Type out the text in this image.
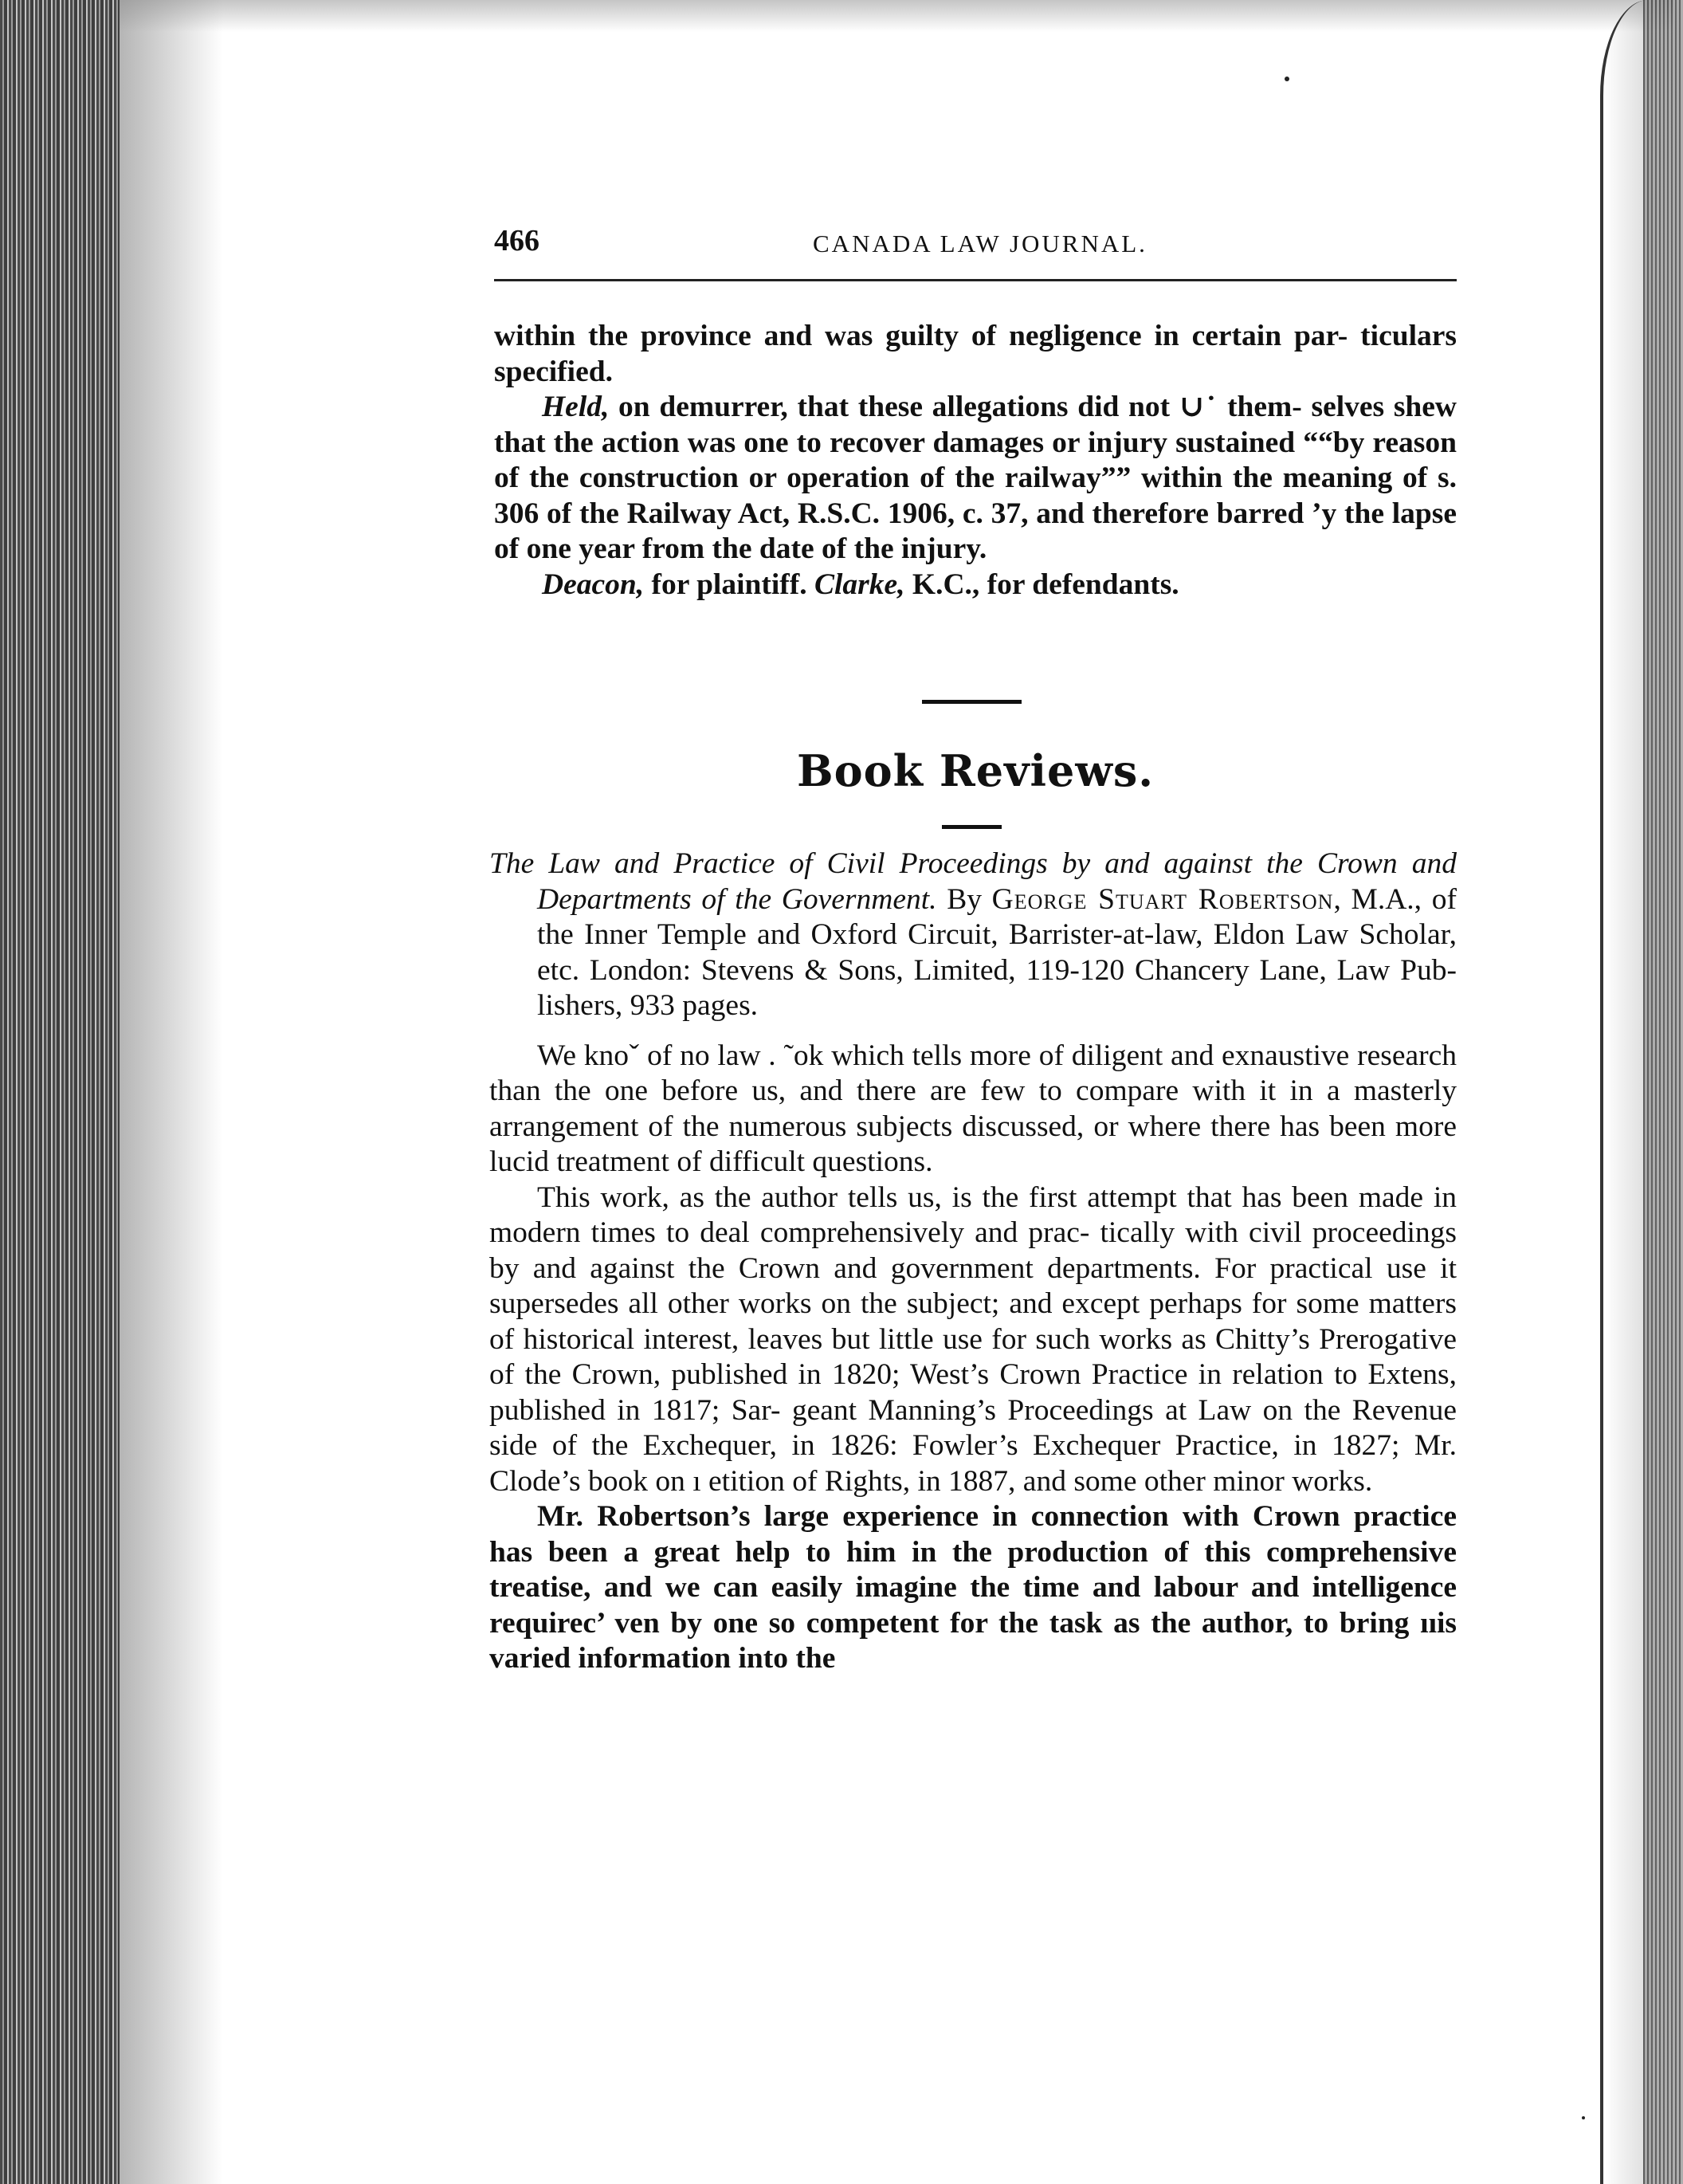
466	CANADA LAW JOURNAL.

within the province and was guilty of negligence in certain par- ticulars specified.

Held, on demurrer, that these allegations did not ∪˙ them- selves shew that the action was one to recover damages or injury sustained ““by reason of the construction or operation of the railway”” within the meaning of s. 306 of the Railway Act, R.S.C. 1906, c. 37, and therefore barred ’y the lapse of one year from the date of the injury.

Deacon, for plaintiff. Clarke, K.C., for defendants.

Book Reviews.

The Law and Practice of Civil Proceedings by and against the Crown and Departments of the Government. By George Stuart Robertson, M.A., of the Inner Temple and Oxford Circuit, Barrister-at-law, Eldon Law Scholar, etc. London: Stevens & Sons, Limited, 119-120 Chancery Lane, Law Pub- lishers, 933 pages.

We knoˇ of no law . ˜ok which tells more of diligent and exnaustive research than the one before us, and there are few to compare with it in a masterly arrangement of the numerous subjects discussed, or where there has been more lucid treatment of difficult questions.

This work, as the author tells us, is the first attempt that has been made in modern times to deal comprehensively and prac- tically with civil proceedings by and against the Crown and government departments. For practical use it supersedes all other works on the subject; and except perhaps for some matters of historical interest, leaves but little use for such works as Chitty’s Prerogative of the Crown, published in 1820; West’s Crown Practice in relation to Extens, published in 1817; Sar- geant Manning’s Proceedings at Law on the Revenue side of the Exchequer, in 1826: Fowler’s Exchequer Practice, in 1827; Mr. Clode’s book on ı etition of Rights, in 1887, and some other minor works.

Mr. Robertson’s large experience in connection with Crown practice has been a great help to him in the production of this comprehensive treatise, and we can easily imagine the time and labour and intelligence requirec’ ven by one so competent for the task as the author, to bring ııis varied information into the
